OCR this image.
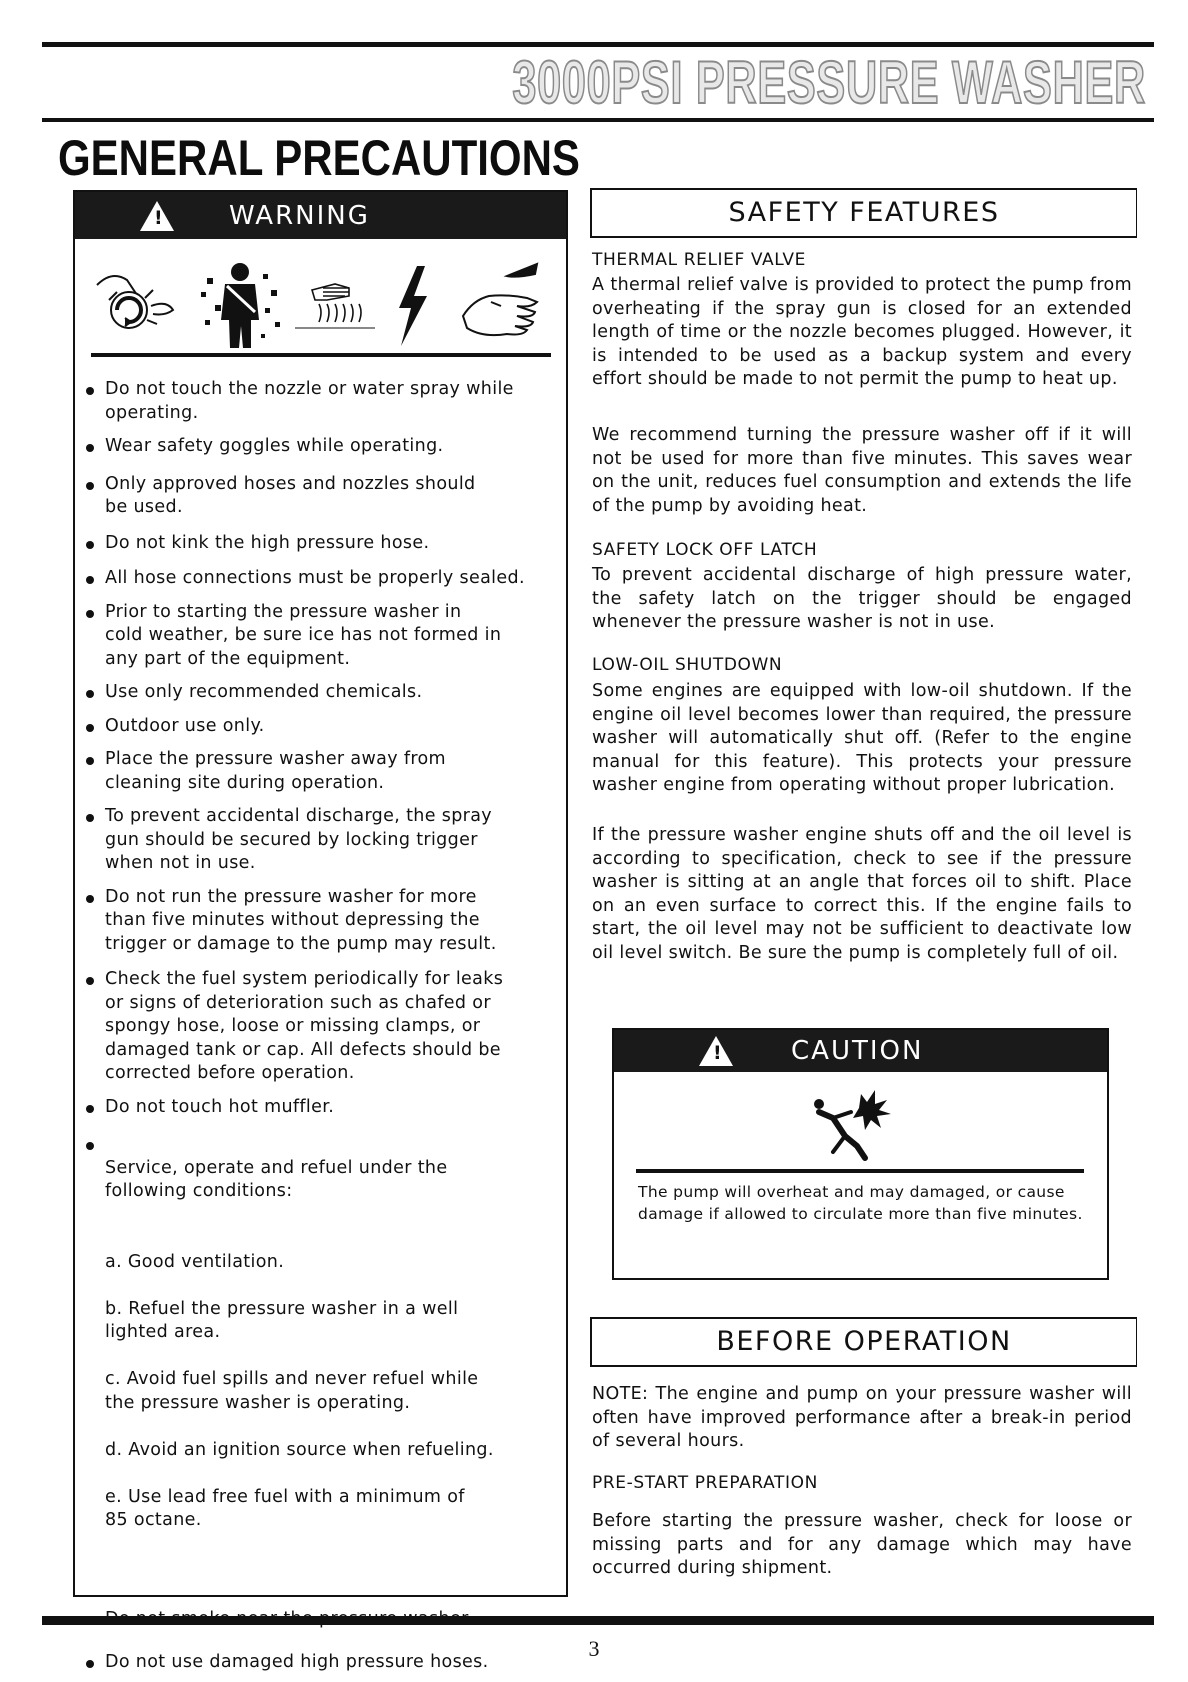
3000PSI PRESSURE WASHER
GENERAL PRECAUTIONS
!	WARNING
Do not touch the nozzle or water spray while
operating.
Wear safety goggles while operating.
Only approved hoses and nozzles should
be used.
Do not kink the high pressure hose.
All hose connections must be properly sealed.
Prior to starting the pressure washer in
cold weather, be sure ice has not formed in
any part of the equipment.
Use only recommended chemicals.
Outdoor use only.
Place the pressure washer away from
cleaning site during operation.
To prevent accidental discharge, the spray
gun should be secured by locking trigger
when not in use.
Do not run the pressure washer for more
than five minutes without depressing the
trigger or damage to the pump may result.
Check the fuel system periodically for leaks
or signs of deterioration such as chafed or
spongy hose, loose or missing clamps, or
damaged tank or cap. All defects should be
corrected before operation.
Do not touch hot muffler.

Service, operate and refuel under the
following conditions:

a. Good ventilation.

b. Refuel the pressure washer in a well
lighted area.

c. Avoid fuel spills and never refuel while
the pressure washer is operating.

d. Avoid an ignition source when refueling.

e. Use lead free fuel with a minimum of
85 octane.

Do not use damaged high pressure hoses.
SAFETY FEATURES
THERMAL RELIEF VALVE
A thermal relief valve is provided to protect the pump from overheating if the spray gun is closed for an extended length of time or the nozzle becomes plugged. However, it is intended to be used as a backup system and every effort should be made to not permit the pump to heat up.
We recommend turning the pressure washer off if it will not be used for more than five minutes. This saves wear on the unit, reduces fuel consumption and extends the life of the pump by avoiding heat.
SAFETY LOCK OFF LATCH
To prevent accidental discharge of high pressure water, the safety latch on the trigger should be engaged whenever the pressure washer is not in use.
LOW-OIL SHUTDOWN
Some engines are equipped with low-oil shutdown. If the engine oil level becomes lower than required, the pressure washer will automatically shut off. (Refer to the engine manual for this feature). This protects your pressure washer engine from operating without proper lubrication.
If the pressure washer engine shuts off and the oil level is according to specification, check to see if the pressure washer is sitting at an angle that forces oil to shift. Place on an even surface to correct this. If the engine fails to start, the oil level may not be sufficient to deactivate low oil level switch. Be sure the pump is completely full of oil.
!	CAUTION
The pump will overheat and may damaged, or cause damage if allowed to circulate more than five minutes.
BEFORE OPERATION
NOTE: The engine and pump on your pressure washer will often have improved performance after a break-in period of several hours.
PRE-START PREPARATION
Before starting the pressure washer, check for loose or missing parts and for any damage which may have occurred during shipment.
3
